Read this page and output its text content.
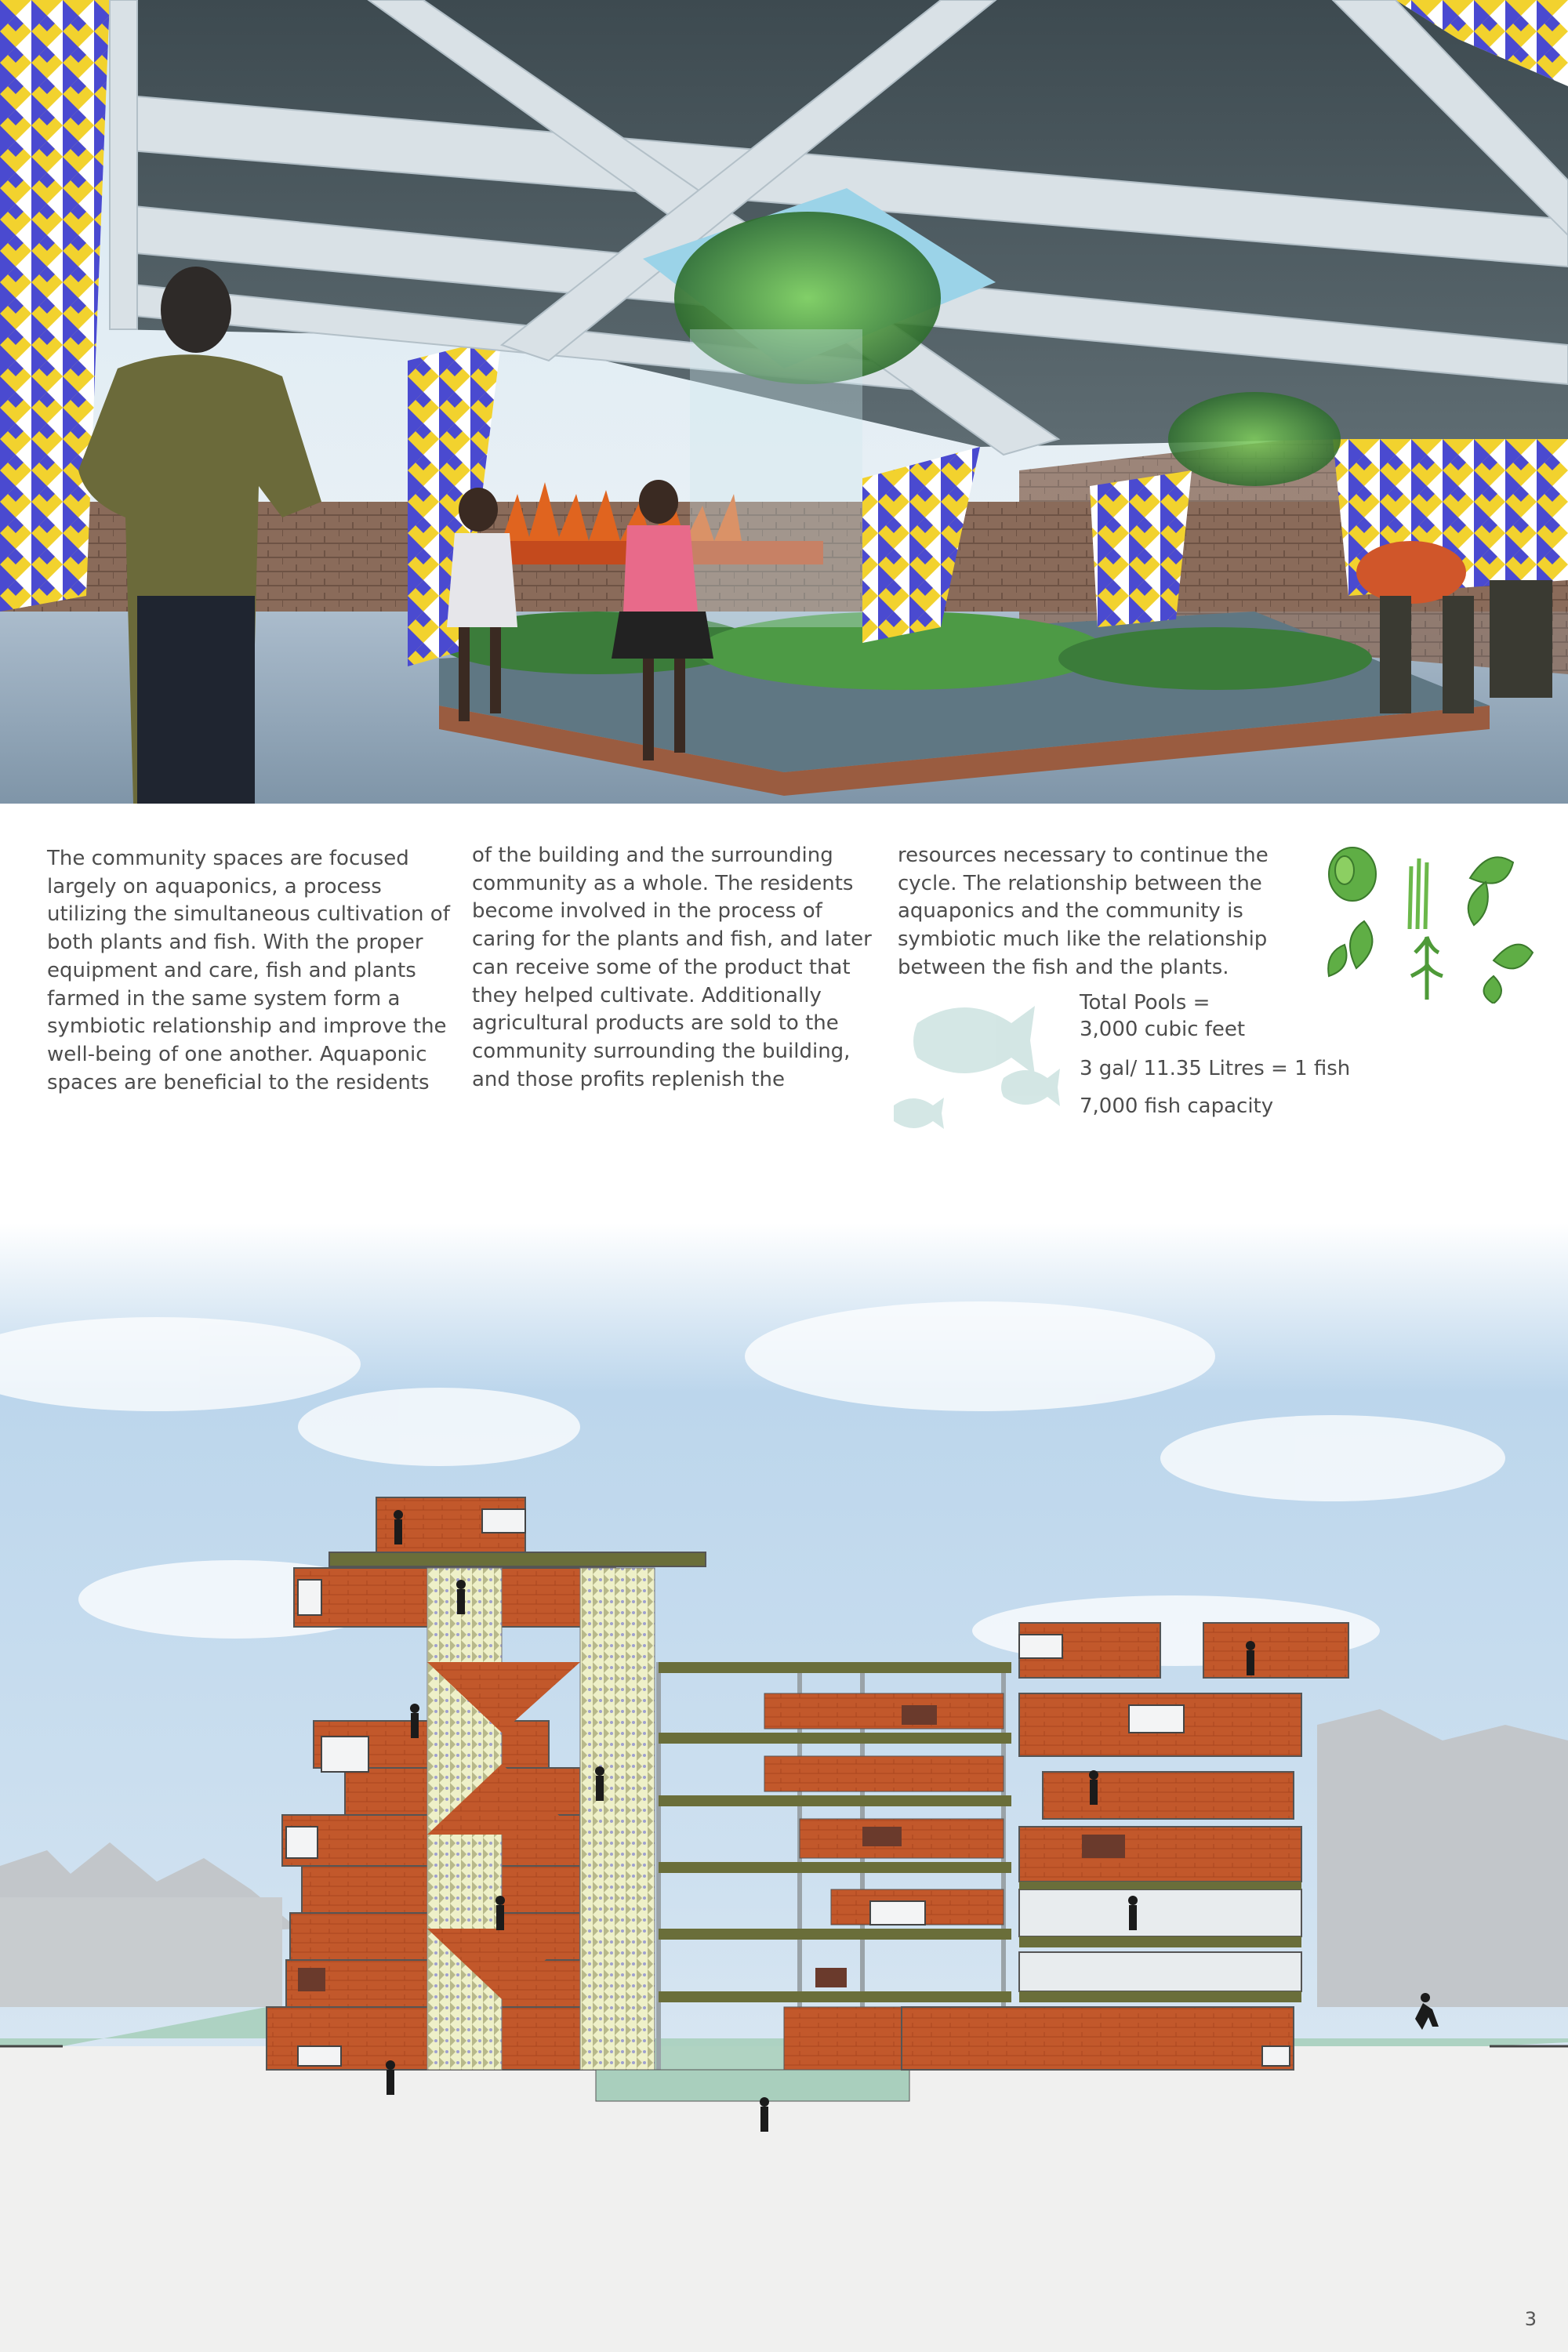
The community spaces are focused largely on aquaponics, a process utilizing the simultaneous cultivation of both plants and fish. With the proper equipment and care, fish and plants farmed in the same system form a symbiotic relationship and improve the well-being of one another. Aquaponic spaces are beneficial to the residents

of the building and the surrounding community as a whole. The residents become involved in the process of caring for the plants and fish, and later can receive some of the product that they helped cultivate. Additionally agricultural products are sold to the community surrounding the building, and those profits replenish the

resources necessary to continue the cycle. The relationship between the aquaponics and the community is symbiotic much like the relationship between the fish and the plants.

Total Pools =
3,000 cubic feet

3 gal/ 11.35 Litres = 1 fish

7,000 fish capacity

3
